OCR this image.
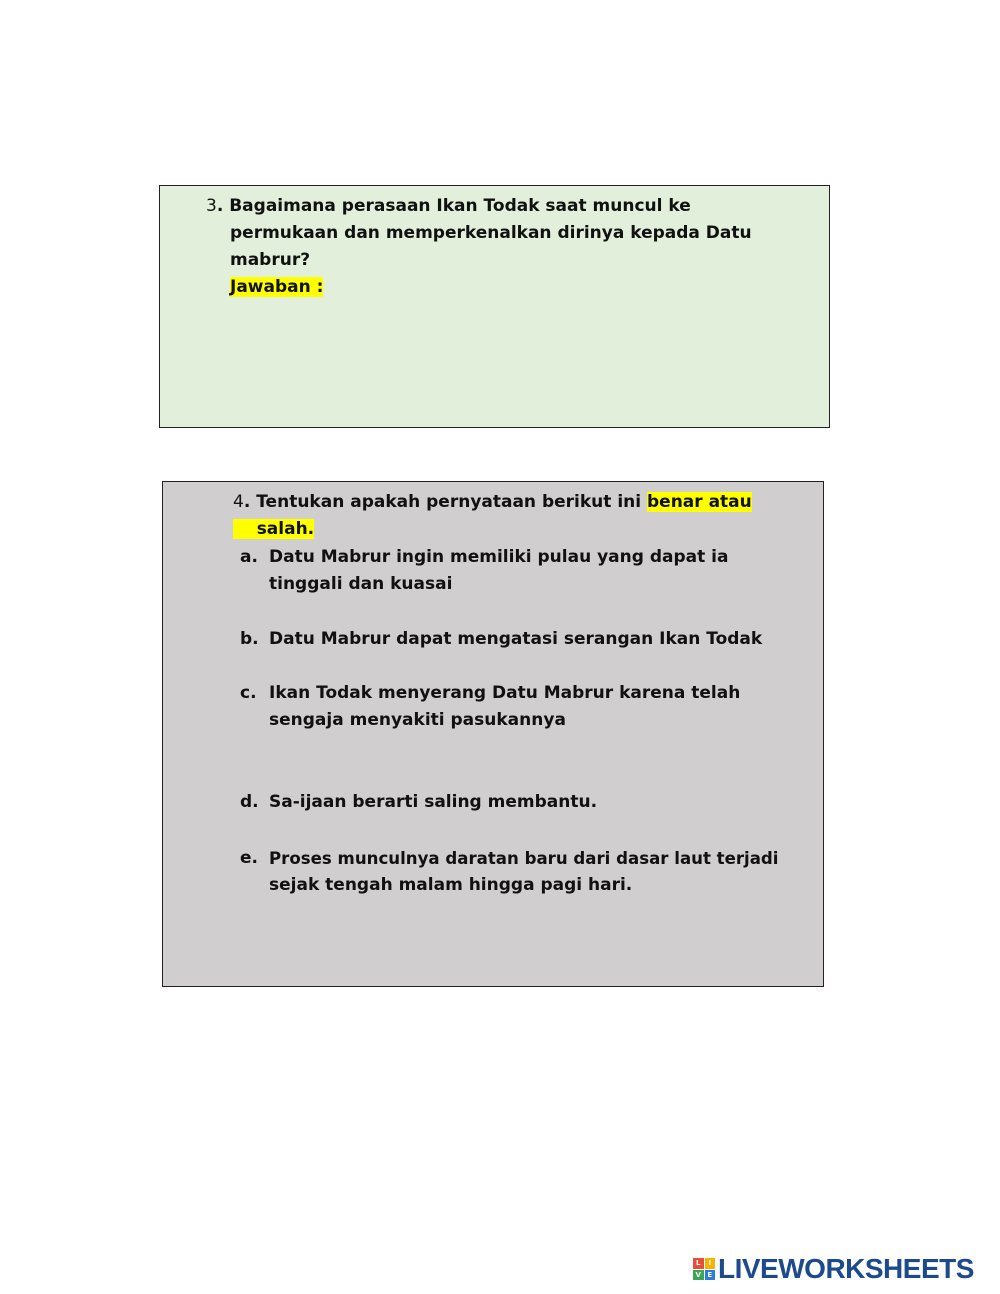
3. Bagaimana perasaan Ikan Todak saat muncul ke
permukaan dan memperkenalkan dirinya kepada Datu
mabrur?
Jawaban :
4. Tentukan apakah pernyataan berikut ini benar atau
salah.
a. Datu Mabrur ingin memiliki pulau yang dapat ia
tinggali dan kuasai
b. Datu Mabrur dapat mengatasi serangan Ikan Todak
c. Ikan Todak menyerang Datu Mabrur karena telah
sengaja menyakiti pasukannya
d. Sa-ijaan berarti saling membantu.
e. Proses munculnya daratan baru dari dasar laut terjadi
sejak tengah malam hingga pagi hari.
L	I
V E LIVEWORKSHEETS
